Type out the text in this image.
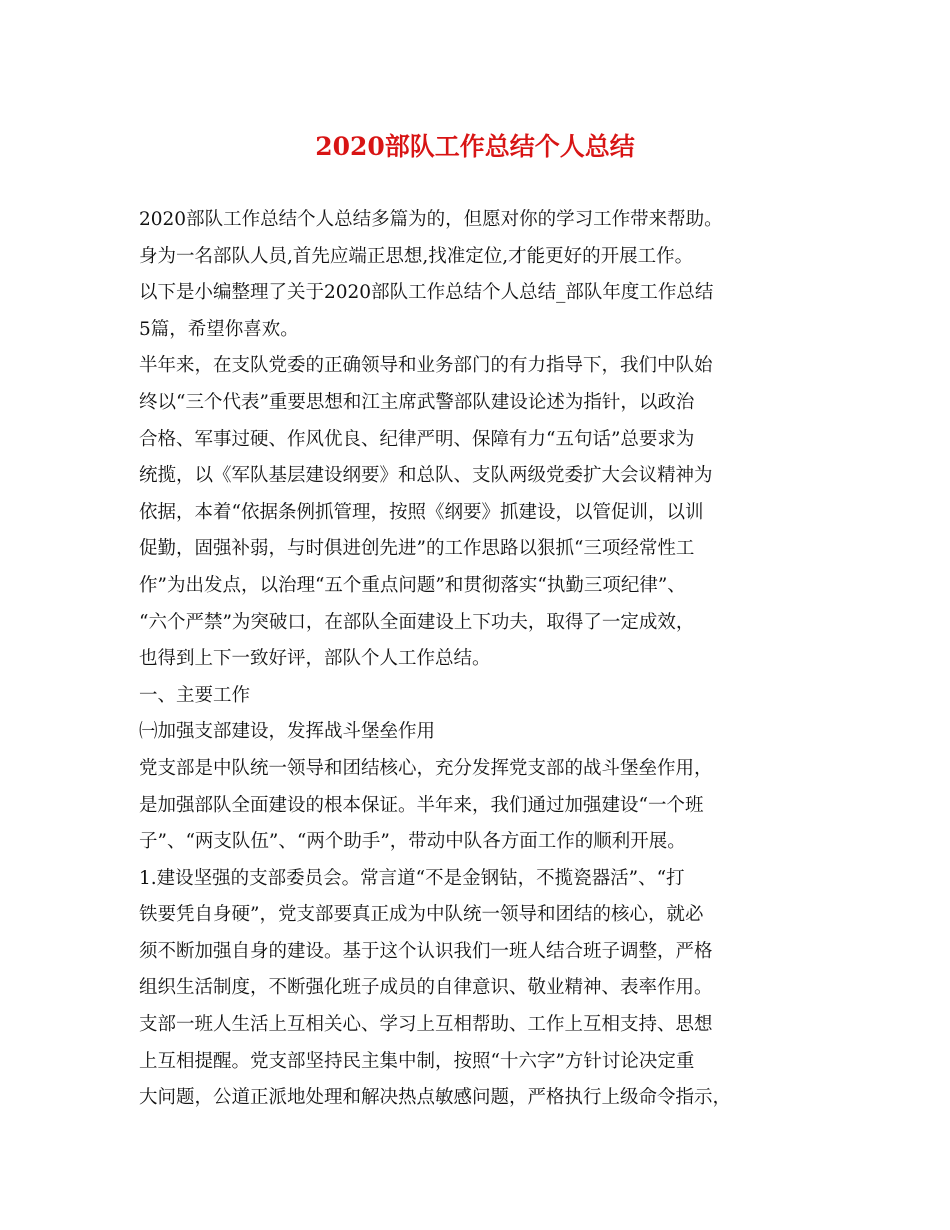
2020部队工作总结个人总结

2020部队工作总结个人总结多篇为的，但愿对你的学习工作带来帮助。

身为一名部队人员,首先应端正思想,找准定位,才能更好的开展工作。

以下是小编整理了关于2020部队工作总结个人总结_部队年度工作总结

5篇，希望你喜欢。

半年来，在支队党委的正确领导和业务部门的有力指导下，我们中队始

终以“三个代表”重要思想和江主席武警部队建设论述为指针，以政治

合格、军事过硬、作风优良、纪律严明、保障有力“五句话”总要求为

统揽，以《军队基层建设纲要》和总队、支队两级党委扩大会议精神为

依据，本着“依据条例抓管理，按照《纲要》抓建设，以管促训，以训

促勤，固强补弱，与时俱进创先进”的工作思路以狠抓“三项经常性工

作”为出发点，以治理“五个重点问题”和贯彻落实“执勤三项纪律”、

“六个严禁”为突破口，在部队全面建设上下功夫，取得了一定成效，

也得到上下一致好评，部队个人工作总结。

一、主要工作

㈠加强支部建设，发挥战斗堡垒作用

党支部是中队统一领导和团结核心，充分发挥党支部的战斗堡垒作用，

是加强部队全面建设的根本保证。半年来，我们通过加强建设“一个班

子”、“两支队伍”、“两个助手”，带动中队各方面工作的顺利开展。

1.建设坚强的支部委员会。常言道“不是金钢钻，不揽瓷器活”、“打

铁要凭自身硬”，党支部要真正成为中队统一领导和团结的核心，就必

须不断加强自身的建设。基于这个认识我们一班人结合班子调整，严格

组织生活制度，不断强化班子成员的自律意识、敬业精神、表率作用。

支部一班人生活上互相关心、学习上互相帮助、工作上互相支持、思想

上互相提醒。党支部坚持民主集中制，按照“十六字”方针讨论决定重

大问题，公道正派地处理和解决热点敏感问题，严格执行上级命令指示，
